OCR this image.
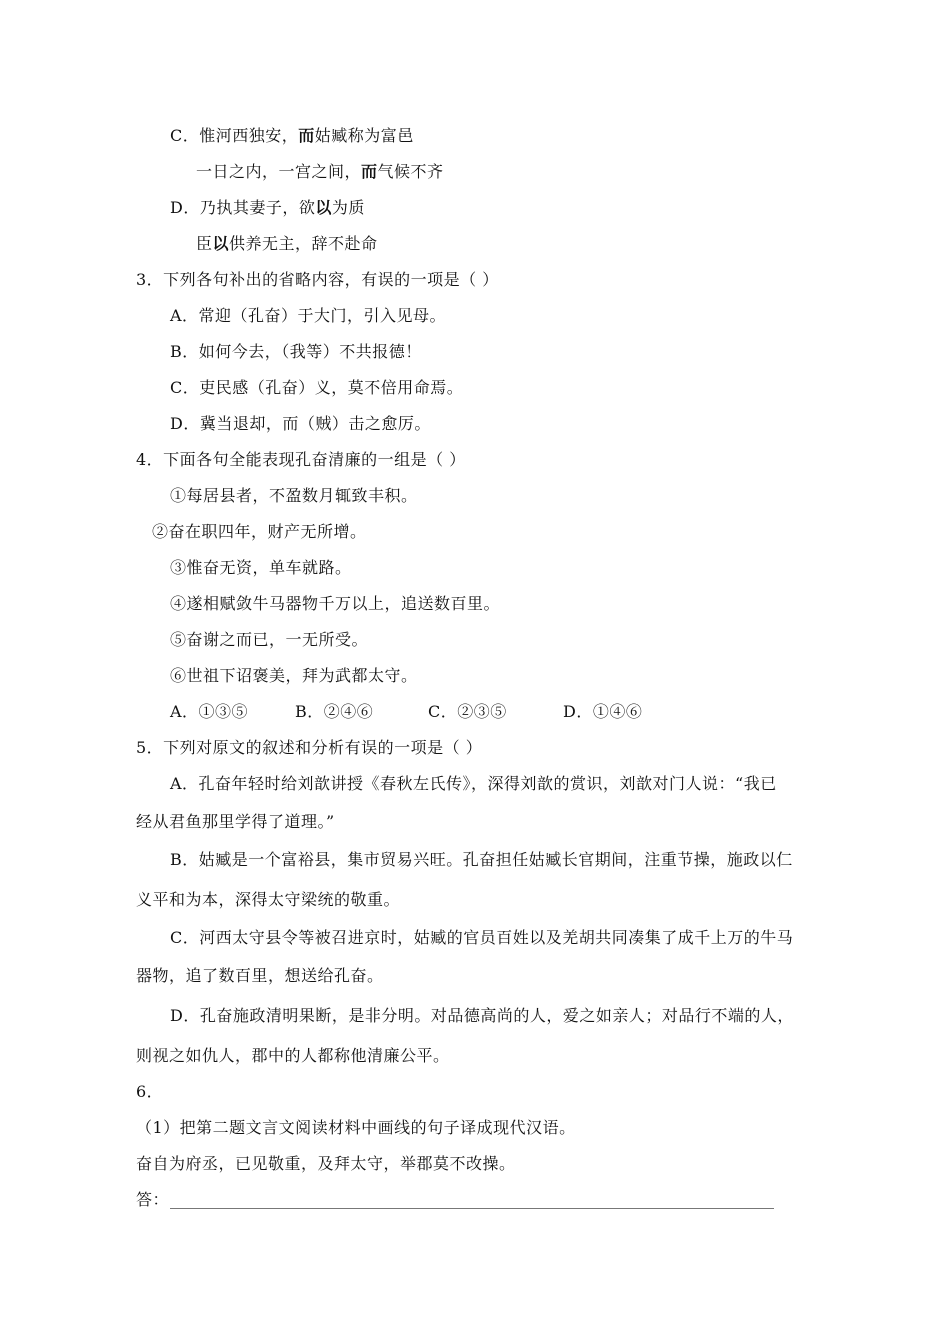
C．惟河西独安，而姑臧称为富邑
一日之内，一宫之间，而气候不齐
D．乃执其妻子，欲以为质
臣以供养无主，辞不赴命
3．下列各句补出的省略内容，有误的一项是（ ）
A．常迎（孔奋）于大门，引入见母。
B．如何今去，（我等）不共报德！
C．吏民感（孔奋）义，莫不倍用命焉。
D．冀当退却，而（贼）击之愈厉。
4．下面各句全能表现孔奋清廉的一组是（ ）
①每居县者，不盈数月辄致丰积。
②奋在职四年，财产无所增。
③惟奋无资，单车就路。
④遂相赋敛牛马器物千万以上，追送数百里。
⑤奋谢之而已，一无所受。
⑥世祖下诏褒美，拜为武都太守。
A．①③⑤	B．②④⑥	C．②③⑤	D．①④⑥
5．下列对原文的叙述和分析有误的一项是（ ）
A．孔奋年轻时给刘歆讲授《春秋左氏传》，深得刘歆的赏识，刘歆对门人说：“我已
经从君鱼那里学得了道理。”
B．姑臧是一个富裕县，集市贸易兴旺。孔奋担任姑臧长官期间，注重节操，施政以仁
义平和为本，深得太守梁统的敬重。
C．河西太守县令等被召进京时，姑臧的官员百姓以及羌胡共同凑集了成千上万的牛马
器物，追了数百里，想送给孔奋。
D．孔奋施政清明果断，是非分明。对品德高尚的人，爱之如亲人；对品行不端的人，
则视之如仇人，郡中的人都称他清廉公平。
6．
（1）把第二题文言文阅读材料中画线的句子译成现代汉语。
奋自为府丞，已见敬重，及拜太守，举郡莫不改操。
答：
